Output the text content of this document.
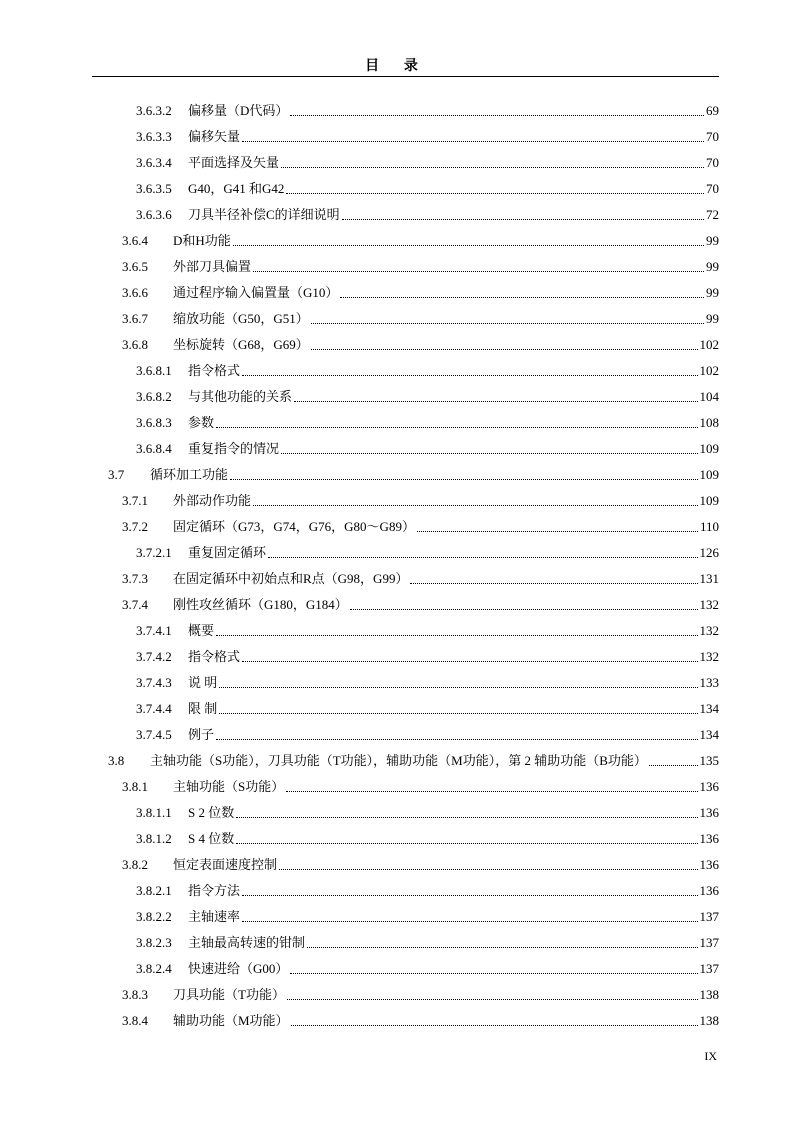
目 录
3.6.3.2	偏移量（D代码）	69
3.6.3.3	偏移矢量	70
3.6.3.4	平面选择及矢量	70
3.6.3.5	G40，G41 和G42	70
3.6.3.6	刀具半径补偿C的详细说明	72
3.6.4	D和H功能	99
3.6.5	外部刀具偏置	99
3.6.6	通过程序输入偏置量（G10）	99
3.6.7	缩放功能（G50，G51）	99
3.6.8	坐标旋转（G68，G69）	102
3.6.8.1	指令格式	102
3.6.8.2	与其他功能的关系	104
3.6.8.3	参数	108
3.6.8.4	重复指令的情况	109
3.7	循环加工功能	109
3.7.1	外部动作功能	109
3.7.2	固定循环（G73，G74，G76，G80～G89）	110
3.7.2.1	重复固定循环	126
3.7.3	在固定循环中初始点和R点（G98，G99）	131
3.7.4	刚性攻丝循环（G180，G184）	132
3.7.4.1	概要	132
3.7.4.2	指令格式	132
3.7.4.3	说 明	133
3.7.4.4	限 制	134
3.7.4.5	例子	134
3.8	主轴功能（S功能），刀具功能（T功能），辅助功能（M功能），第 2 辅助功能（B功能）	135
3.8.1	主轴功能（S功能）	136
3.8.1.1	S 2 位数	136
3.8.1.2	S 4 位数	136
3.8.2	恒定表面速度控制	136
3.8.2.1	指令方法	136
3.8.2.2	主轴速率	137
3.8.2.3	主轴最高转速的钳制	137
3.8.2.4	快速进给（G00）	137
3.8.3	刀具功能（T功能）	138
3.8.4	辅助功能（M功能）	138
IX
